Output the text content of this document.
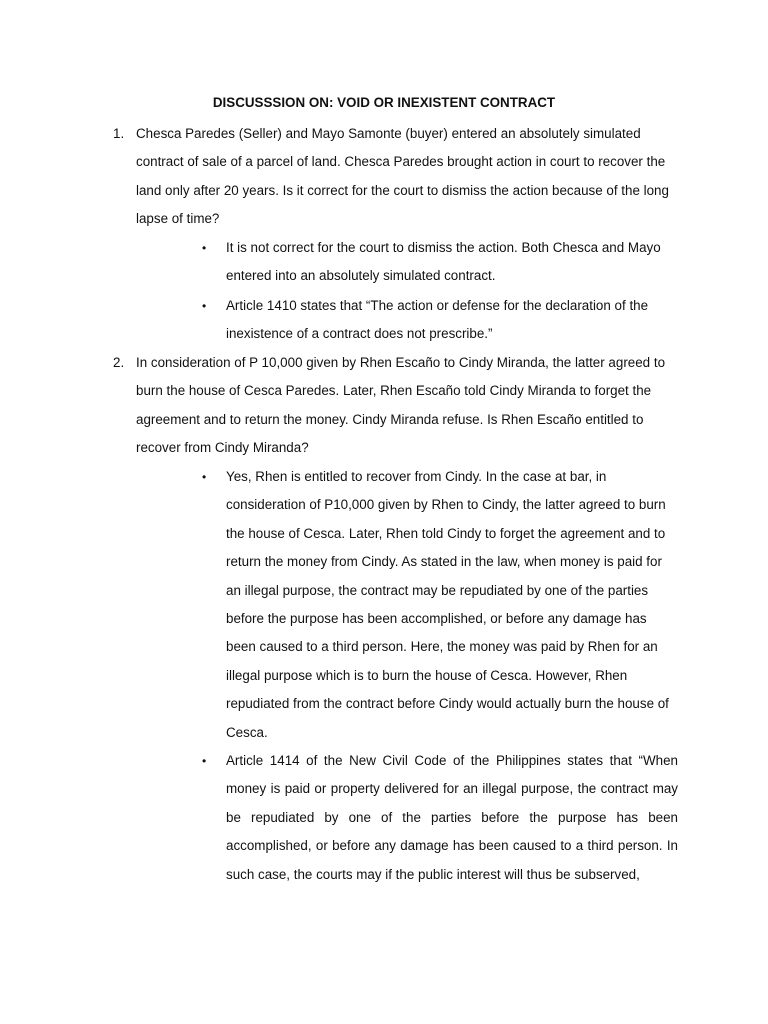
DISCUSSSION ON: VOID OR INEXISTENT CONTRACT
1. Chesca Paredes (Seller) and Mayo Samonte (buyer) entered an absolutely simulated contract of sale of a parcel of land. Chesca Paredes brought action in court to recover the land only after 20 years. Is it correct for the court to dismiss the action because of the long lapse of time?

• It is not correct for the court to dismiss the action. Both Chesca and Mayo entered into an absolutely simulated contract.

• Article 1410 states that “The action or defense for the declaration of the inexistence of a contract does not prescribe.”

2. In consideration of P 10,000 given by Rhen Escaño to Cindy Miranda, the latter agreed to burn the house of Cesca Paredes. Later, Rhen Escaño told Cindy Miranda to forget the agreement and to return the money. Cindy Miranda refuse. Is Rhen Escaño entitled to recover from Cindy Miranda?

• Yes, Rhen is entitled to recover from Cindy. In the case at bar, in consideration of P10,000 given by Rhen to Cindy, the latter agreed to burn the house of Cesca. Later, Rhen told Cindy to forget the agreement and to return the money from Cindy. As stated in the law, when money is paid for an illegal purpose, the contract may be repudiated by one of the parties before the purpose has been accomplished, or before any damage has been caused to a third person. Here, the money was paid by Rhen for an illegal purpose which is to burn the house of Cesca. However, Rhen repudiated from the contract before Cindy would actually burn the house of Cesca.

• Article 1414 of the New Civil Code of the Philippines states that “When money is paid or property delivered for an illegal purpose, the contract may be repudiated by one of the parties before the purpose has been accomplished, or before any damage has been caused to a third person. In such case, the courts may if the public interest will thus be subserved,
